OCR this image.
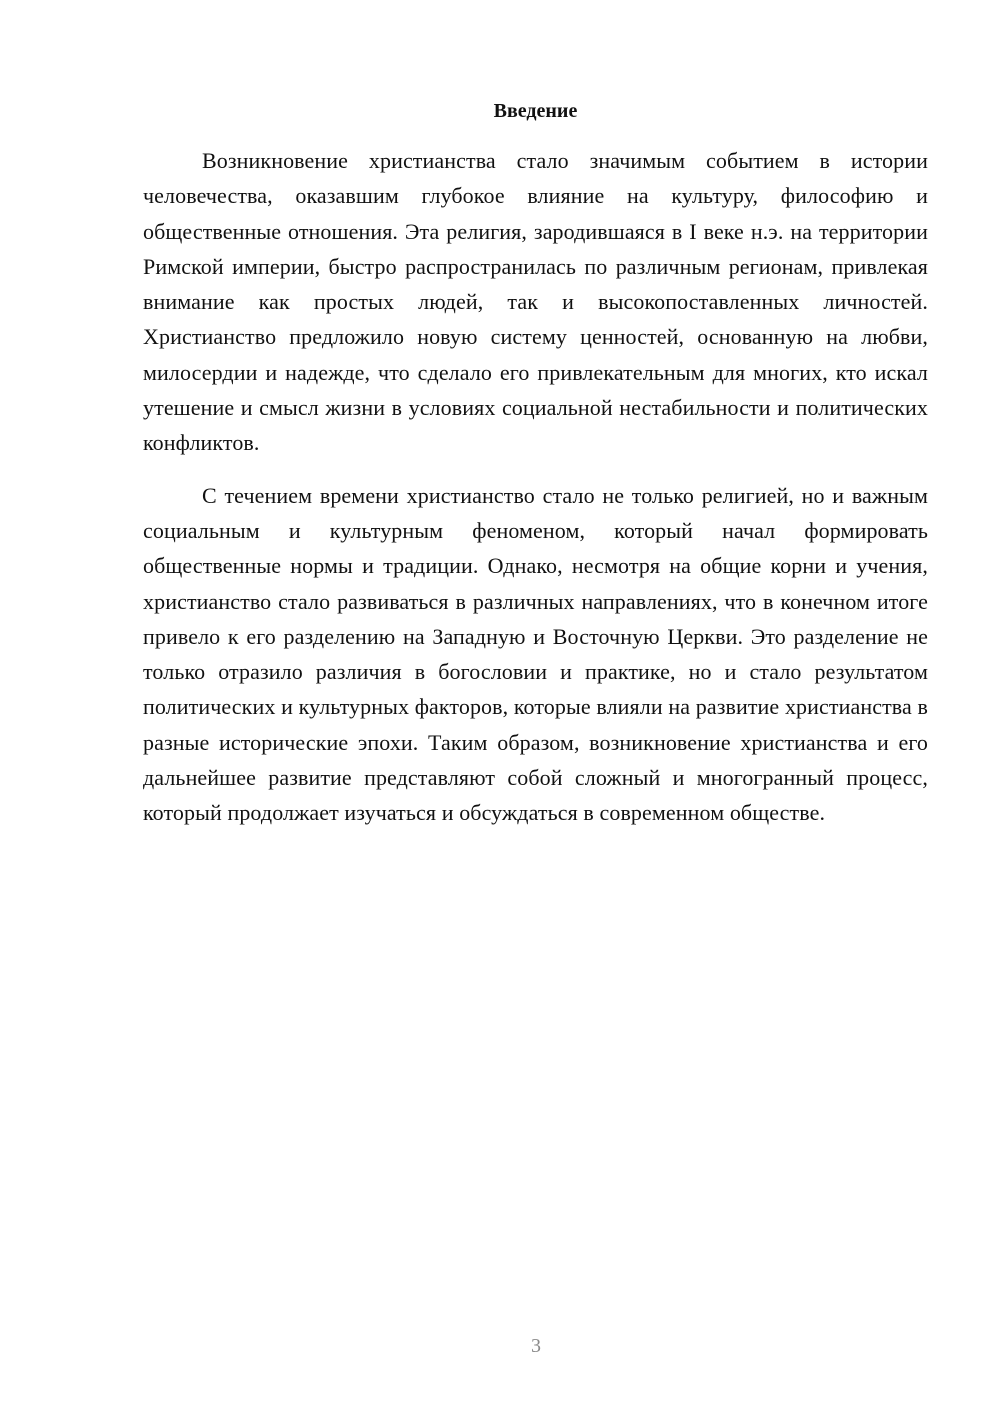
Введение

Возникновение христианства стало значимым событием в истории человечества, оказавшим глубокое влияние на культуру, философию и общественные отношения. Эта религия, зародившаяся в I веке н.э. на территории Римской империи, быстро распространилась по различным регионам, привлекая внимание как простых людей, так и высокопоставленных личностей. Христианство предложило новую систему ценностей, основанную на любви, милосердии и надежде, что сделало его привлекательным для многих, кто искал утешение и смысл жизни в условиях социальной нестабильности и политических конфликтов.

С течением времени христианство стало не только религией, но и важным социальным и культурным феноменом, который начал формировать общественные нормы и традиции. Однако, несмотря на общие корни и учения, христианство стало развиваться в различных направлениях, что в конечном итоге привело к его разделению на Западную и Восточную Церкви. Это разделение не только отразило различия в богословии и практике, но и стало результатом политических и культурных факторов, которые влияли на развитие христианства в разные исторические эпохи. Таким образом, возникновение христианства и его дальнейшее развитие представляют собой сложный и многогранный процесс, который продолжает изучаться и обсуждаться в современном обществе.

3
